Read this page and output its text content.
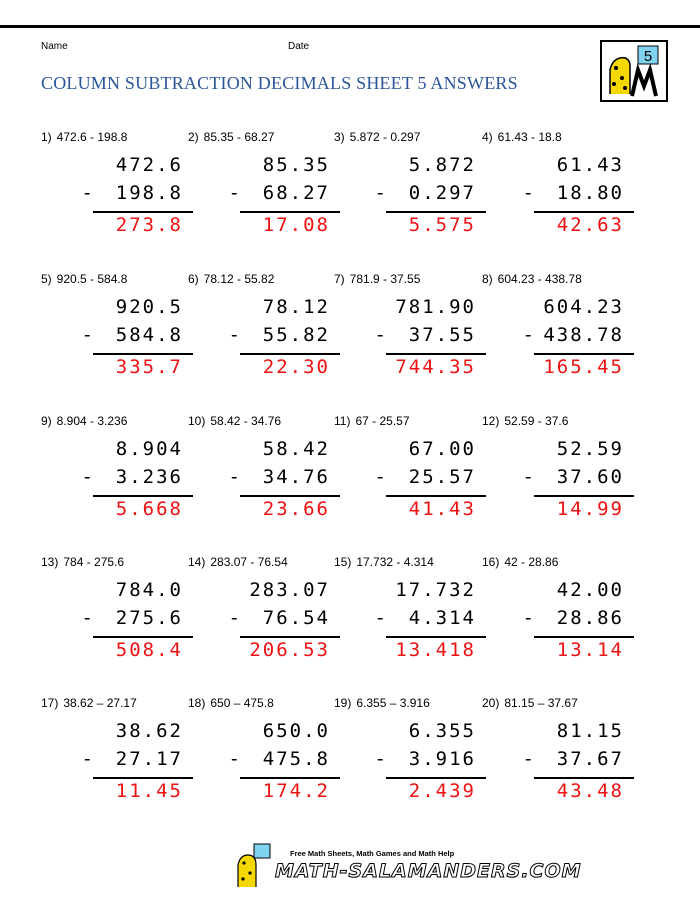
Name	Date
COLUMN SUBTRACTION DECIMALS SHEET 5 ANSWERS
5
1) 472.6 - 198.8
472.6
- 198.8
273.8
2) 85.35 - 68.27
85.35
- 68.27
17.08
3) 5.872 - 0.297
5.872
- 0.297
5.575
4) 61.43 - 18.8
61.43
- 18.80
42.63
5) 920.5 - 584.8
920.5
- 584.8
335.7
6) 78.12 - 55.82
78.12
- 55.82
22.30
7) 781.9 - 37.55
781.90
- 37.55
744.35
8) 604.23 - 438.78
604.23
- 438.78
165.45
9) 8.904 - 3.236
8.904
- 3.236
5.668
10) 58.42 - 34.76
58.42
- 34.76
23.66
11) 67 - 25.57
67.00
- 25.57
41.43
12) 52.59 - 37.6
52.59
- 37.60
14.99
13) 784 - 275.6
784.0
- 275.6
508.4
14) 283.07 - 76.54
283.07
- 76.54
206.53
15) 17.732 - 4.314
17.732
- 4.314
13.418
16) 42 - 28.86
42.00
- 28.86
13.14
17) 38.62 – 27.17
38.62
- 27.17
11.45
18) 650 – 475.8
650.0
- 475.8
174.2
19) 6.355 – 3.916
6.355
- 3.916
2.439
20) 81.15 – 37.67
81.15
- 37.67
43.48
Free Math Sheets, Math Games and Math Help
MATH-SALAMANDERS.COM
